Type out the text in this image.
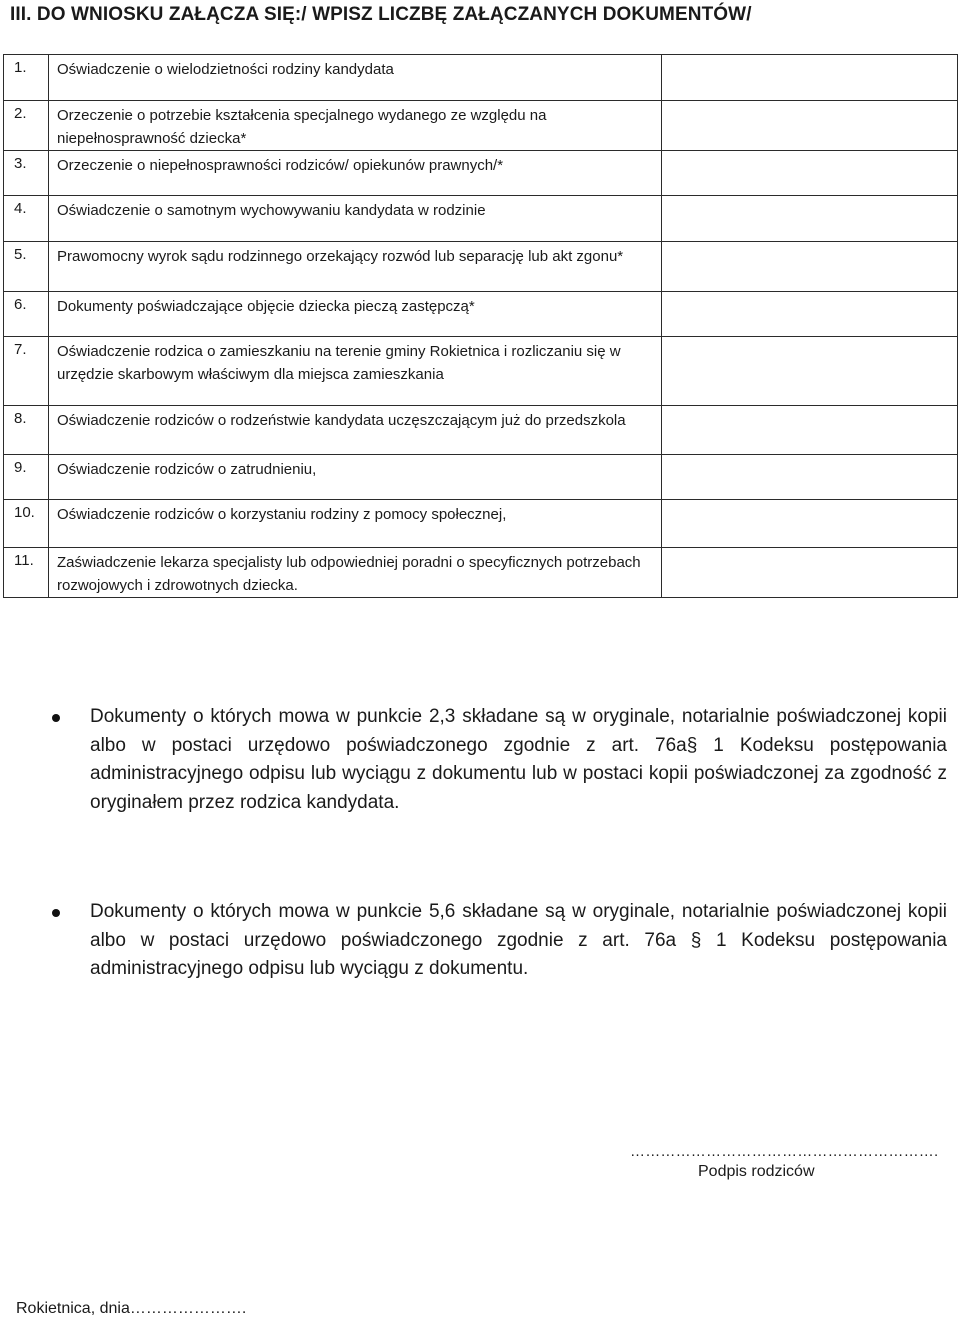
III. DO WNIOSKU ZAŁĄCZA SIĘ:/ WPISZ LICZBĘ ZAŁĄCZANYCH DOKUMENTÓW/
1.	Oświadczenie o wielodzietności rodziny kandydata	
2.	Orzeczenie o potrzebie kształcenia specjalnego wydanego ze względu na niepełnosprawność dziecka*	
3.	Orzeczenie o niepełnosprawności rodziców/ opiekunów prawnych/*	
4.	Oświadczenie o samotnym wychowywaniu kandydata w rodzinie	
5.	Prawomocny wyrok sądu rodzinnego orzekający rozwód lub separację lub akt zgonu*	
6.	Dokumenty poświadczające objęcie dziecka pieczą zastępczą*	
7.	Oświadczenie rodzica o zamieszkaniu na terenie gminy Rokietnica i rozliczaniu się w urzędzie skarbowym właściwym dla miejsca zamieszkania	
8.	Oświadczenie rodziców o rodzeństwie kandydata uczęszczającym już do przedszkola	
9.	Oświadczenie rodziców o zatrudnieniu,	
10.	Oświadczenie rodziców o korzystaniu rodziny z pomocy społecznej,	
11.	Zaświadczenie lekarza specjalisty lub odpowiedniej poradni o specyficznych potrzebach rozwojowych i zdrowotnych dziecka.	
Dokumenty o których mowa w punkcie 2,3 składane są w oryginale, notarialnie poświadczonej kopii albo w postaci urzędowo poświadczonego zgodnie z art. 76a§ 1 Kodeksu postępowania administracyjnego odpisu lub wyciągu z dokumentu lub w postaci kopii poświadczonej za zgodność z oryginałem przez rodzica kandydata.
Dokumenty o których mowa w punkcie 5,6 składane są w oryginale, notarialnie poświadczonej kopii albo w postaci urzędowo poświadczonego zgodnie z art. 76a § 1 Kodeksu postępowania administracyjnego odpisu lub wyciągu z dokumentu.
…………………………………………………….
Podpis rodziców
Rokietnica, dnia………………….
